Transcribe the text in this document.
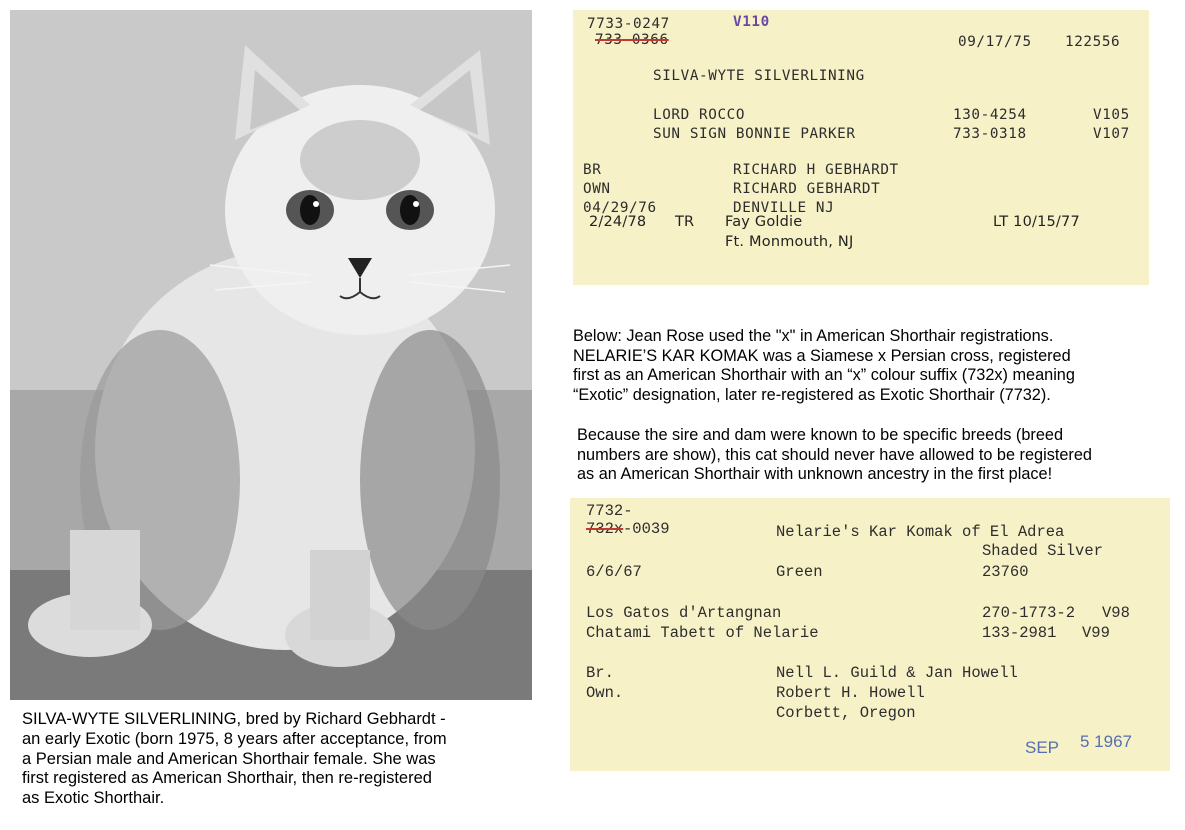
SILVA-WYTE SILVERLINING, bred by Richard Gebhardt -
an early Exotic (born 1975, 8 years after acceptance, from
a Persian male and American Shorthair female. She was
first registered as American Shorthair, then re-registered
as Exotic Shorthair.
7733-0247
733-0366
V110
09/17/75 122556
SILVA-WYTE SILVERLINING
LORD ROCCO	130-4254	V105
SUN SIGN BONNIE PARKER	733-0318	V107
BR	RICHARD H GEBHARDT
OWN	RICHARD GEBHARDT
04/29/76	DENVILLE NJ
2/24/78 TR Fay Goldie
Ft. Monmouth, NJ
LT 10/15/77
Below: Jean Rose used the "x" in American Shorthair registrations.
NELARIE’S KAR KOMAK was a Siamese x Persian cross, registered
first as an American Shorthair with an “x” colour suffix (732x) meaning
“Exotic” designation, later re-registered as Exotic Shorthair (7732).
Because the sire and dam were known to be specific breeds (breed
numbers are show), this cat should never have allowed to be registered
as an American Shorthair with unknown ancestry in the first place!
7732-
732x -0039	Nelarie's Kar Komak of El Adrea
Shaded Silver
6/6/67	Green	23760
Los Gatos d'Artangnan	270-1773-2 V98
Chatami Tabett of Nelarie	133-2981 V99
Br.	Nell L. Guild & Jan Howell
Own.	Robert H. Howell
Corbett, Oregon
SEP 5 1967
